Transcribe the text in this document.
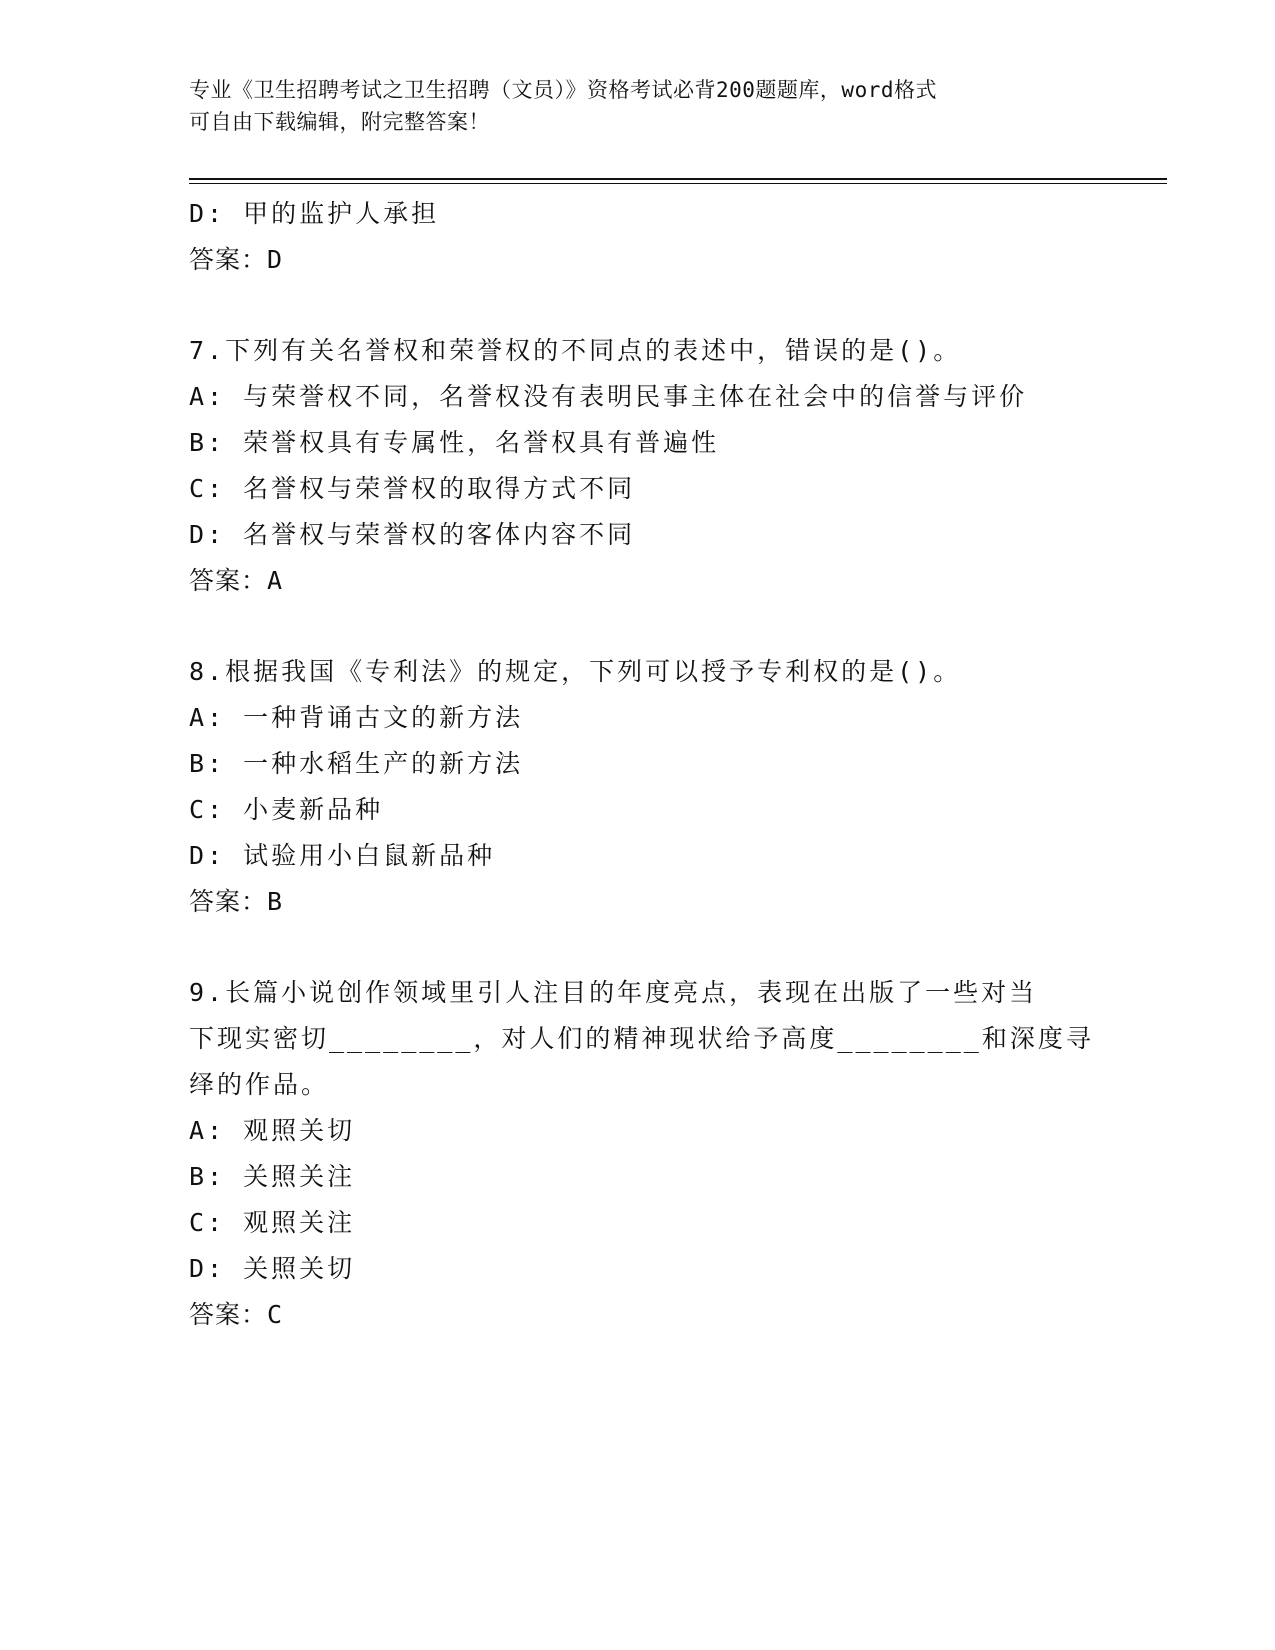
专业《卫生招聘考试之卫生招聘（文员）》资格考试必背200题题库，word格式
可自由下载编辑，附完整答案！
D: 甲的监护人承担
答案：D
7.下列有关名誉权和荣誉权的不同点的表述中，错误的是()。
A: 与荣誉权不同，名誉权没有表明民事主体在社会中的信誉与评价
B: 荣誉权具有专属性，名誉权具有普遍性
C: 名誉权与荣誉权的取得方式不同
D: 名誉权与荣誉权的客体内容不同
答案：A
8.根据我国《专利法》的规定，下列可以授予专利权的是()。
A: 一种背诵古文的新方法
B: 一种水稻生产的新方法
C: 小麦新品种
D: 试验用小白鼠新品种
答案：B
9.长篇小说创作领域里引人注目的年度亮点，表现在出版了一些对当
下现实密切________，对人们的精神现状给予高度________和深度寻
绎的作品。
A: 观照关切
B: 关照关注
C: 观照关注
D: 关照关切
答案：C
